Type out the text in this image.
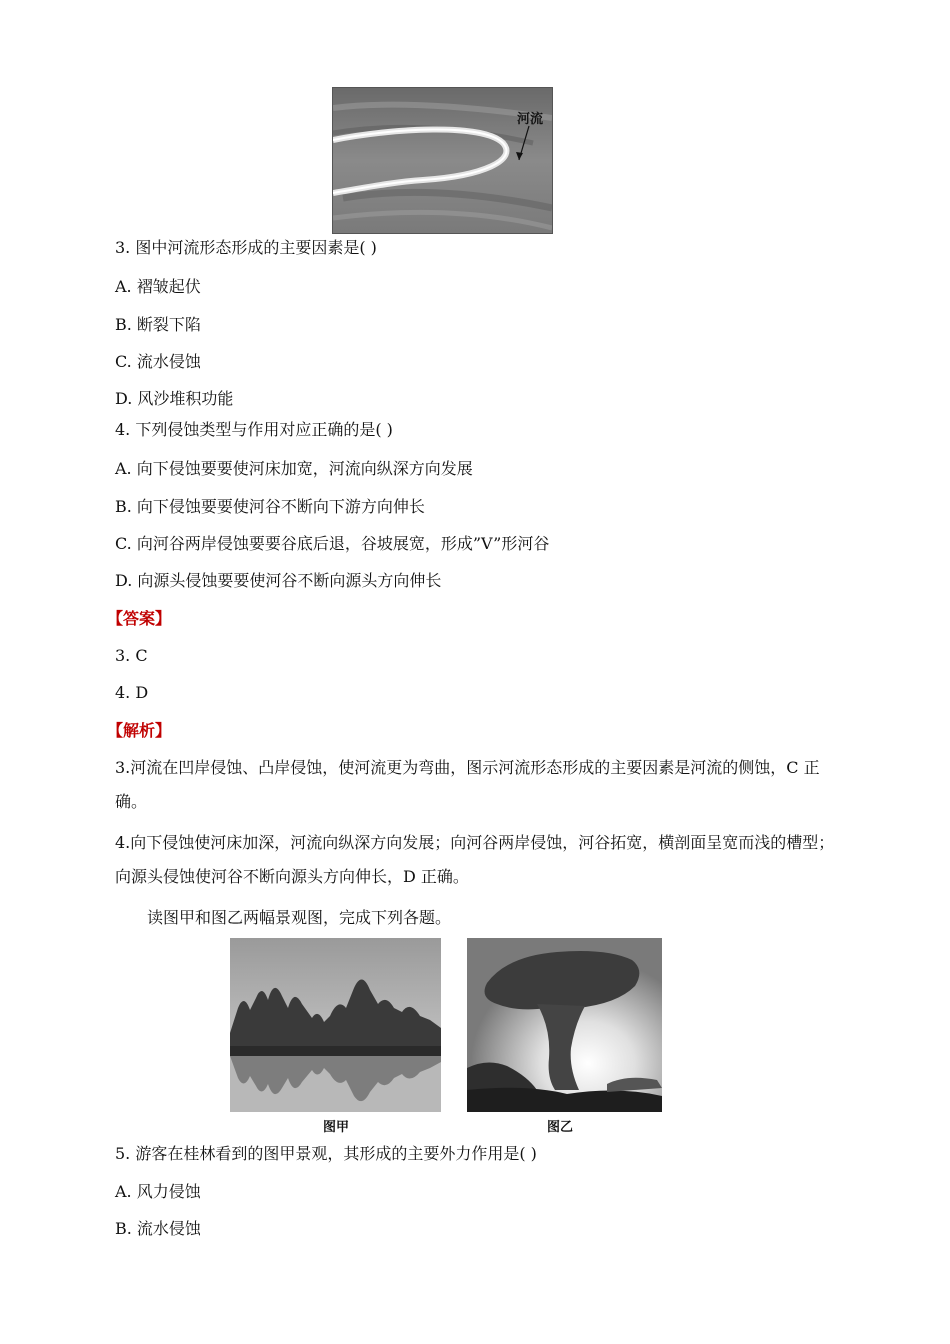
河流
3. 图中河流形态形成的主要因素是( )
A. 褶皱起伏
B. 断裂下陷
C. 流水侵蚀
D. 风沙堆积功能
4. 下列侵蚀类型与作用对应正确的是( )
A. 向下侵蚀要要使河床加宽，河流向纵深方向发展
B. 向下侵蚀要要使河谷不断向下游方向伸长
C. 向河谷两岸侵蚀要要谷底后退，谷坡展宽，形成”V”形河谷
D. 向源头侵蚀要要使河谷不断向源头方向伸长
【答案】
3. C
4. D
【解析】
3.河流在凹岸侵蚀、凸岸侵蚀，使河流更为弯曲，图示河流形态形成的主要因素是河流的侧蚀，C 正确。
4.向下侵蚀使河床加深，河流向纵深方向发展；向河谷两岸侵蚀，河谷拓宽，横剖面呈宽而浅的槽型；向源头侵蚀使河谷不断向源头方向伸长，D 正确。
读图甲和图乙两幅景观图，完成下列各题。
图甲	图乙
5. 游客在桂林看到的图甲景观，其形成的主要外力作用是( )
A. 风力侵蚀
B. 流水侵蚀
